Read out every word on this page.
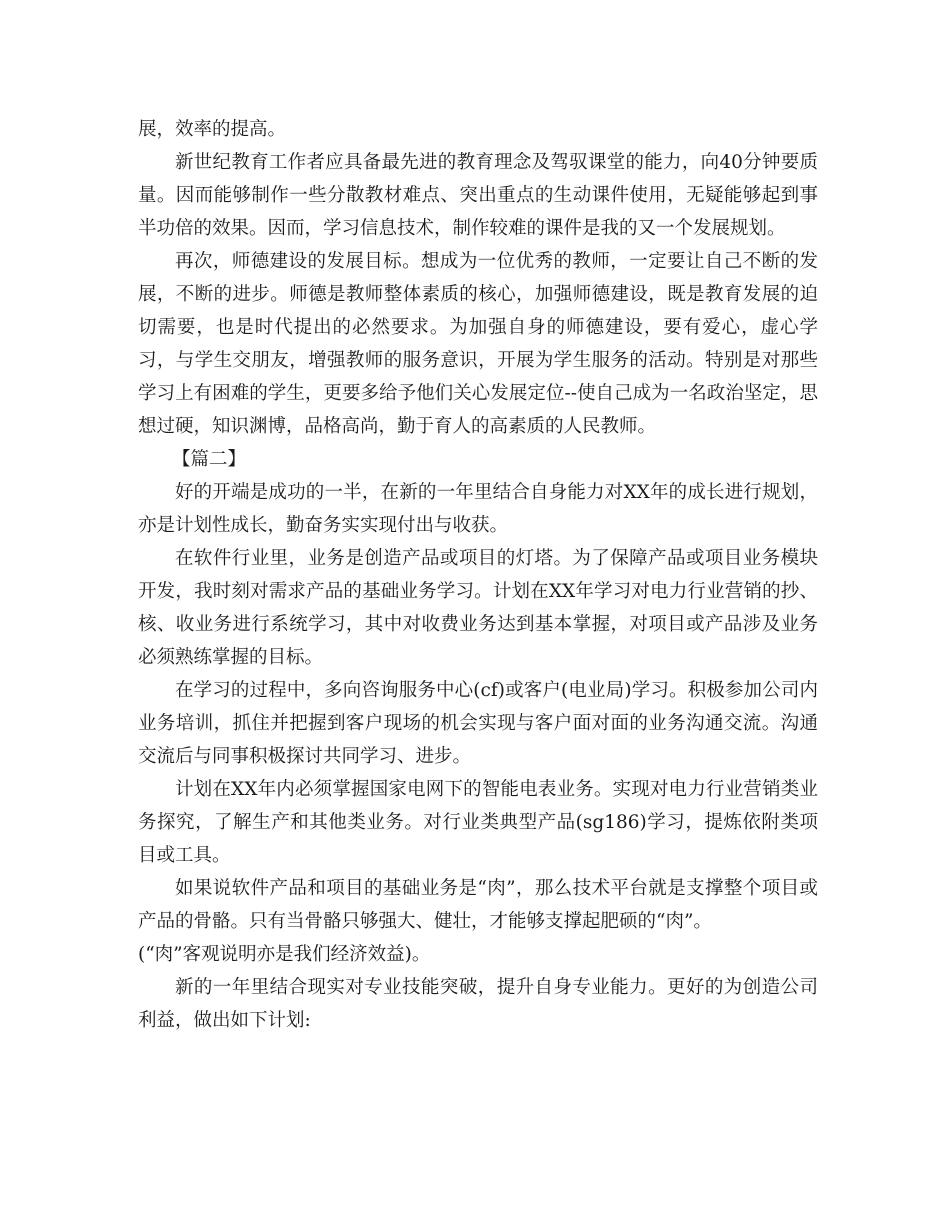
展，效率的提高。

新世纪教育工作者应具备最先进的教育理念及驾驭课堂的能力，向40分钟要质量。因而能够制作一些分散教材难点、突出重点的生动课件使用，无疑能够起到事半功倍的效果。因而，学习信息技术，制作较难的课件是我的又一个发展规划。

再次，师德建设的发展目标。想成为一位优秀的教师，一定要让自己不断的发展，不断的进步。师德是教师整体素质的核心，加强师德建设，既是教育发展的迫切需要，也是时代提出的必然要求。为加强自身的师德建设，要有爱心，虚心学习，与学生交朋友，增强教师的服务意识，开展为学生服务的活动。特别是对那些学习上有困难的学生，更要多给予他们关心发展定位--使自己成为一名政治坚定，思想过硬，知识渊博，品格高尚，勤于育人的高素质的人民教师。

【篇二】

好的开端是成功的一半，在新的一年里结合自身能力对XX年的成长进行规划，亦是计划性成长，勤奋务实实现付出与收获。

在软件行业里，业务是创造产品或项目的灯塔。为了保障产品或项目业务模块开发，我时刻对需求产品的基础业务学习。计划在XX年学习对电力行业营销的抄、核、收业务进行系统学习，其中对收费业务达到基本掌握，对项目或产品涉及业务必须熟练掌握的目标。

在学习的过程中，多向咨询服务中心(cf)或客户(电业局)学习。积极参加公司内业务培训，抓住并把握到客户现场的机会实现与客户面对面的业务沟通交流。沟通交流后与同事积极探讨共同学习、进步。

计划在XX年内必须掌握国家电网下的智能电表业务。实现对电力行业营销类业务探究，了解生产和其他类业务。对行业类典型产品(sg186)学习，提炼依附类项目或工具。

如果说软件产品和项目的基础业务是“肉”，那么技术平台就是支撑整个项目或产品的骨骼。只有当骨骼只够强大、健壮，才能够支撑起肥硕的“肉”。

(“肉”客观说明亦是我们经济效益)。

新的一年里结合现实对专业技能突破，提升自身专业能力。更好的为创造公司利益，做出如下计划:
